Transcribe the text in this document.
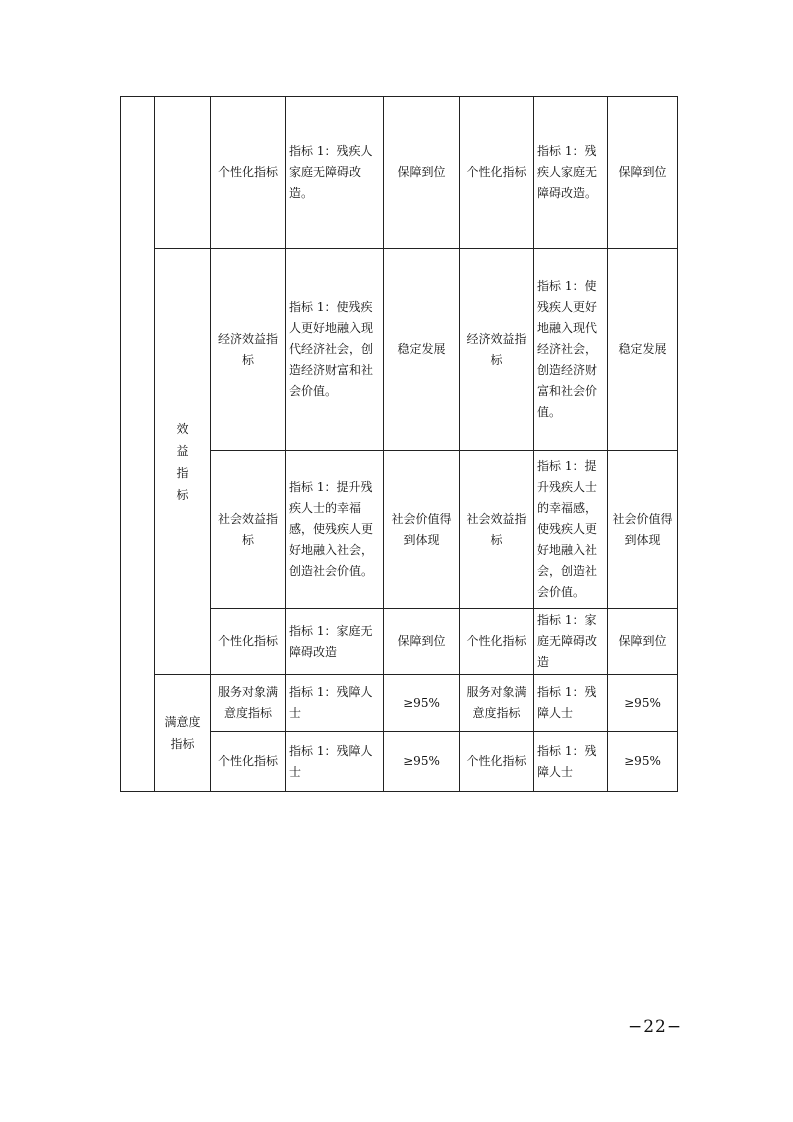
		个性化指标	指标 1：残疾人家庭无障碍改造。	保障到位	个性化指标	指标 1：残疾人家庭无障碍改造。	保障到位

	效益指标	经济效益指标	指标 1：使残疾人更好地融入现代经济社会，创造经济财富和社会价值。	稳定发展	经济效益指标	指标 1：使残疾人更好地融入现代经济社会，创造经济财富和社会价值。	稳定发展
		社会效益指标	指标 1：提升残疾人士的幸福感，使残疾人更好地融入社会，创造社会价值。	社会价值得到体现	社会效益指标	指标 1：提升残疾人士的幸福感，使残疾人更好地融入社会，创造社会价值。	社会价值得到体现
		个性化指标	指标 1：家庭无障碍改造	保障到位	个性化指标	指标 1：家庭无障碍改造	保障到位

	满意度指标	服务对象满意度指标	指标 1：残障人士	≥95%	服务对象满意度指标	指标 1：残障人士	≥95%
		个性化指标	指标 1：残障人士	≥95%	个性化指标	指标 1：残障人士	≥95%
−22−
